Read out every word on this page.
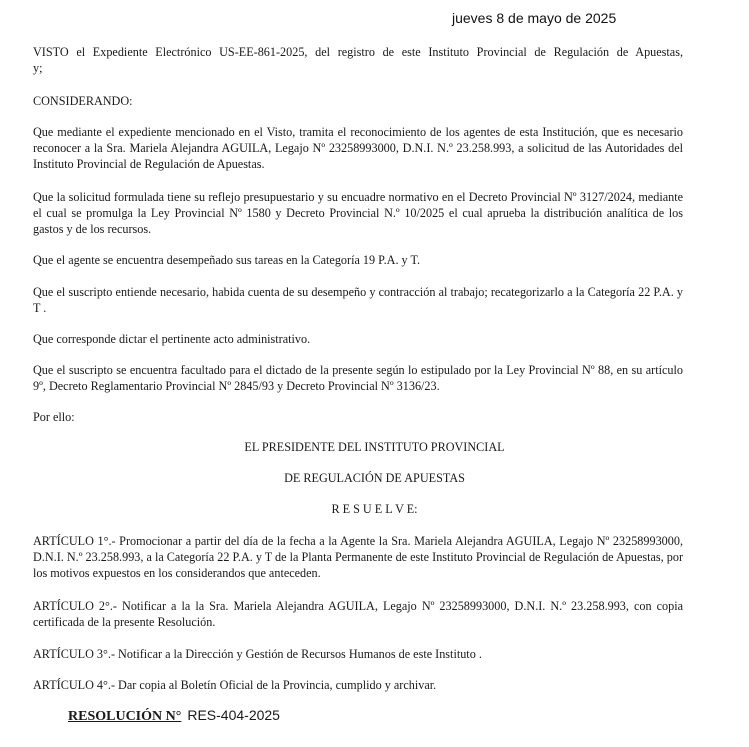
jueves 8 de mayo de 2025
VISTO el Expediente Electrónico US-EE-861-2025, del registro de este Instituto Provincial de Regulación de Apuestas,
y;
CONSIDERANDO:
Que mediante el expediente mencionado en el Visto, tramita el reconocimiento de los agentes de esta Institución, que es necesario reconocer a la Sra. Mariela Alejandra AGUILA, Legajo Nº 23258993000, D.N.I. N.º 23.258.993, a solicitud de las Autoridades del Instituto Provincial de Regulación de Apuestas.
Que la solicitud formulada tiene su reflejo presupuestario y su encuadre normativo en el Decreto Provincial Nº 3127/2024, mediante el cual se promulga la Ley Provincial Nº 1580 y Decreto Provincial N.º 10/2025 el cual aprueba la distribución analítica de los gastos y de los recursos.
Que el agente se encuentra desempeñado sus tareas en la Categoría 19 P.A. y T.
Que el suscripto entiende necesario, habida cuenta de su desempeño y contracción al trabajo; recategorizarlo a la Categoría 22 P.A. y T .
Que corresponde dictar el pertinente acto administrativo.
Que el suscripto se encuentra facultado para el dictado de la presente según lo estipulado por la Ley Provincial Nº 88, en su artículo 9º, Decreto Reglamentario Provincial Nº 2845/93 y Decreto Provincial Nº 3136/23.
Por ello:
EL PRESIDENTE DEL INSTITUTO PROVINCIAL
DE REGULACIÓN DE APUESTAS
R E S U E L V E:
ARTÍCULO 1°.- Promocionar a partir del día de la fecha a la Agente la Sra. Mariela Alejandra AGUILA, Legajo Nº 23258993000, D.N.I. N.º 23.258.993, a la Categoría 22 P.A. y T de la Planta Permanente de este Instituto Provincial de Regulación de Apuestas, por los motivos expuestos en los considerandos que anteceden.
ARTÍCULO 2°.- Notificar a la la Sra. Mariela Alejandra AGUILA, Legajo Nº 23258993000, D.N.I. N.º 23.258.993, con copia certificada de la presente Resolución.
ARTÍCULO 3°.- Notificar a la Dirección y Gestión de Recursos Humanos de este Instituto .
ARTÍCULO 4°.- Dar copia al Boletín Oficial de la Provincia, cumplido y archivar.
RESOLUCIÓN N° RES-404-2025
